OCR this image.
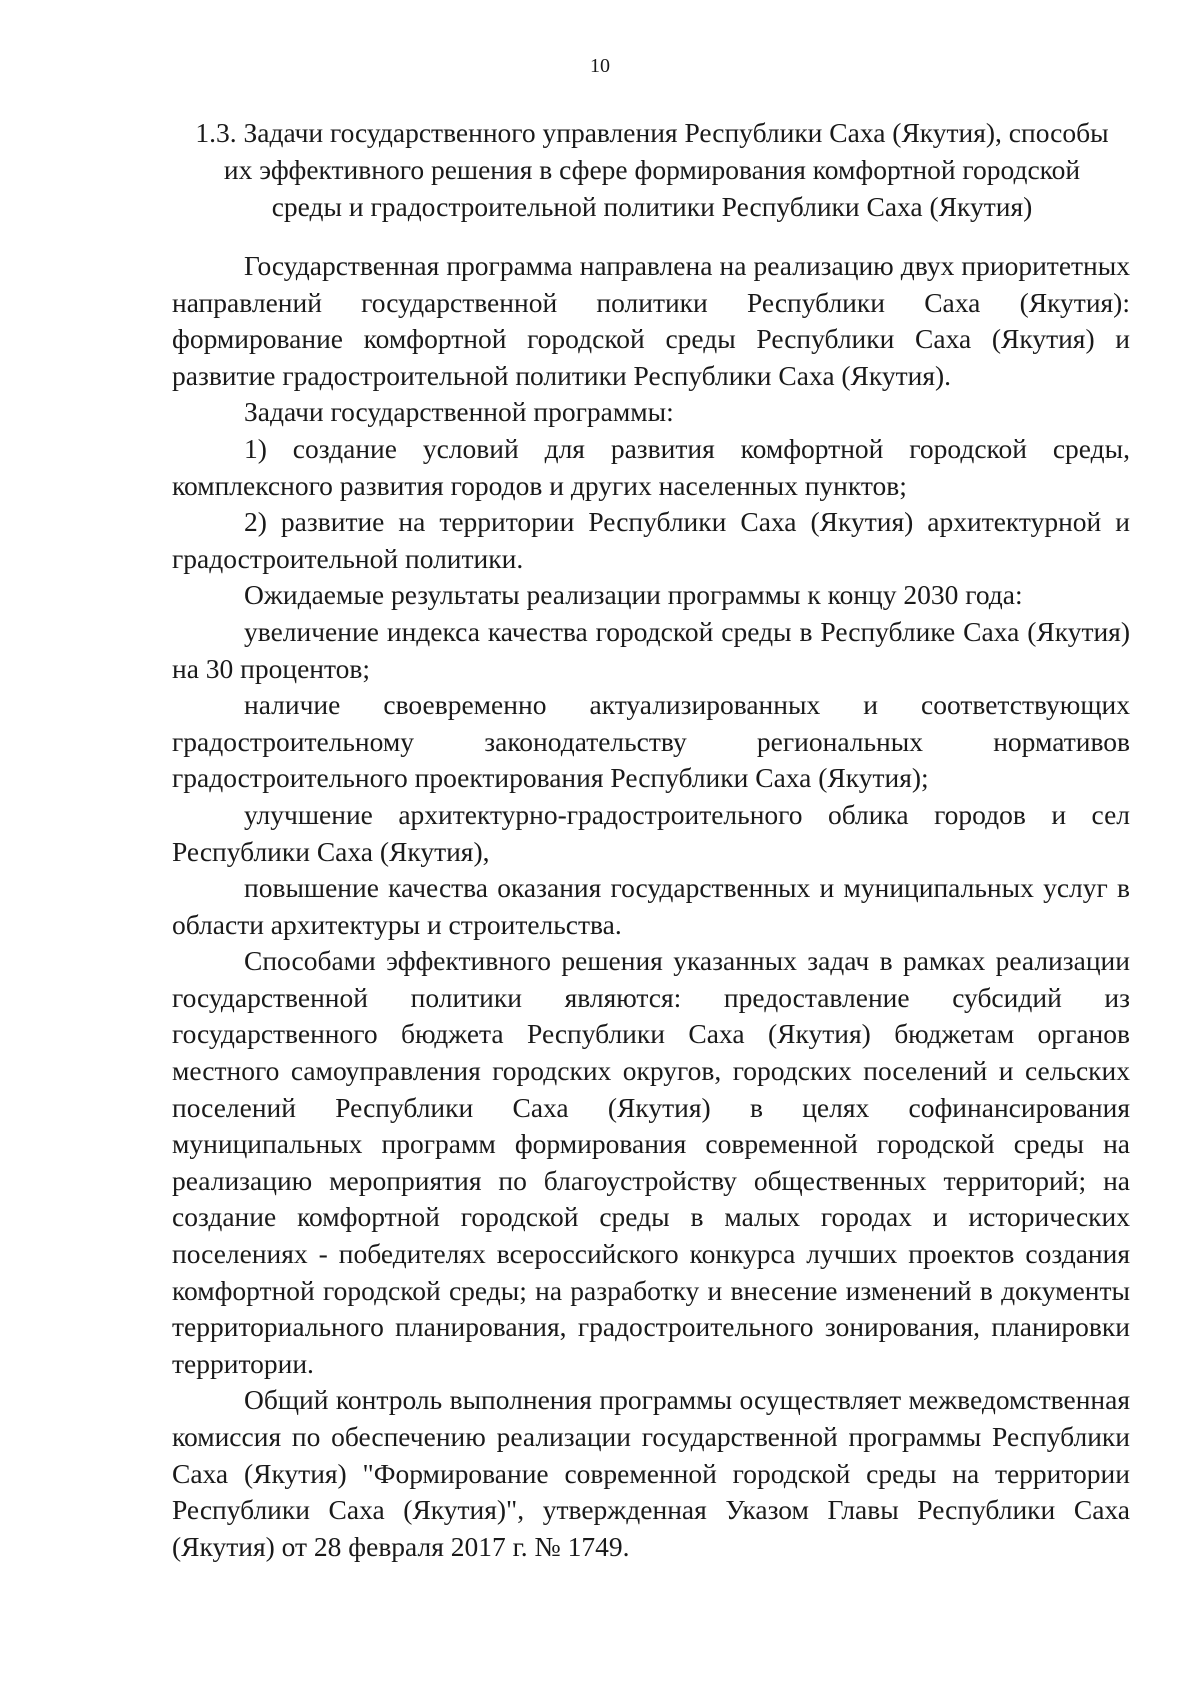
10
1.3. Задачи государственного управления Республики Саха (Якутия), способы
их эффективного решения в сфере формирования комфортной городской
среды и градостроительной политики Республики Саха (Якутия)

Государственная программа направлена на реализацию двух приоритетных направлений государственной политики Республики Саха (Якутия): формирование комфортной городской среды Республики Саха (Якутия) и развитие градостроительной политики Республики Саха (Якутия).

Задачи государственной программы:

1) создание условий для развития комфортной городской среды, комплексного развития городов и других населенных пунктов;

2) развитие на территории Республики Саха (Якутия) архитектурной и градостроительной политики.

Ожидаемые результаты реализации программы к концу 2030 года:

увеличение индекса качества городской среды в Республике Саха (Якутия) на 30 процентов;

наличие своевременно актуализированных и соответствующих градостроительному законодательству региональных нормативов градостроительного проектирования Республики Саха (Якутия);

улучшение архитектурно-градостроительного облика городов и сел Республики Саха (Якутия),

повышение качества оказания государственных и муниципальных услуг в области архитектуры и строительства.

Способами эффективного решения указанных задач в рамках реализации государственной политики являются: предоставление субсидий из государственного бюджета Республики Саха (Якутия) бюджетам органов местного самоуправления городских округов, городских поселений и сельских поселений Республики Саха (Якутия) в целях софинансирования муниципальных программ формирования современной городской среды на реализацию мероприятия по благоустройству общественных территорий; на создание комфортной городской среды в малых городах и исторических поселениях - победителях всероссийского конкурса лучших проектов создания комфортной городской среды; на разработку и внесение изменений в документы территориального планирования, градостроительного зонирования, планировки территории.

Общий контроль выполнения программы осуществляет межведомственная комиссия по обеспечению реализации государственной программы Республики Саха (Якутия) "Формирование современной городской среды на территории Республики Саха (Якутия)", утвержденная Указом Главы Республики Саха (Якутия) от 28 февраля 2017 г. № 1749.
